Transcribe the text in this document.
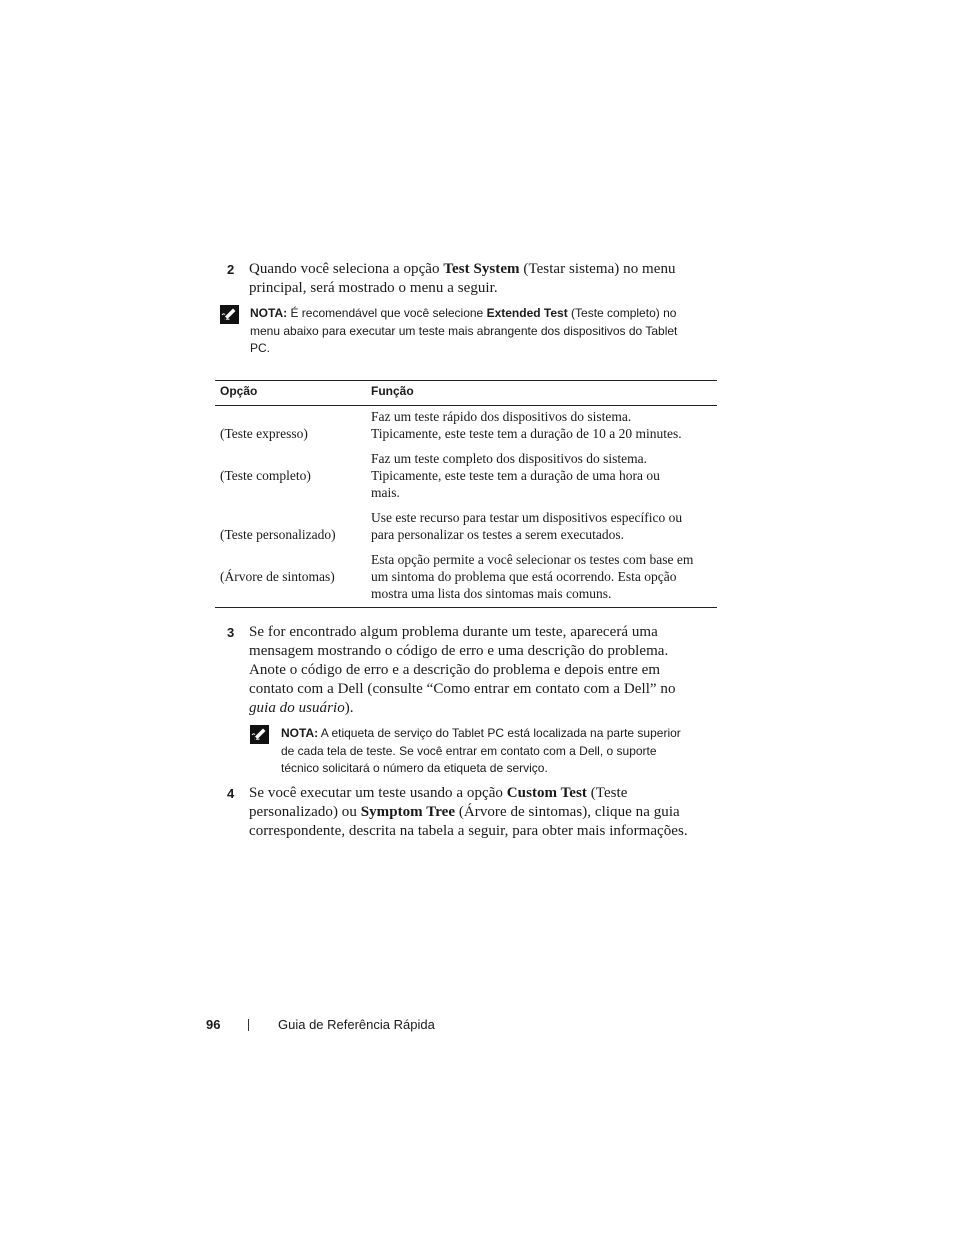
2 Quando você seleciona a opção Test System (Testar sistema) no menu
principal, será mostrado o menu a seguir.
NOTA: É recomendável que você selecione Extended Test (Teste completo) no
menu abaixo para executar um teste mais abrangente dos dispositivos do Tablet
PC.
Opção	Função
(Teste expresso)
Faz um teste rápido dos dispositivos do sistema.
Tipicamente, este teste tem a duração de 10 a 20 minutes.
(Teste completo)
Faz um teste completo dos dispositivos do sistema.
Tipicamente, este teste tem a duração de uma hora ou
mais.
(Teste personalizado)
Use este recurso para testar um dispositivos específico ou
para personalizar os testes a serem executados.
(Árvore de sintomas)
Esta opção permite a você selecionar os testes com base em
um sintoma do problema que está ocorrendo. Esta opção
mostra uma lista dos sintomas mais comuns.
3 Se for encontrado algum problema durante um teste, aparecerá uma
mensagem mostrando o código de erro e uma descrição do problema.
Anote o código de erro e a descrição do problema e depois entre em
contato com a Dell (consulte “Como entrar em contato com a Dell” no
guia do usuário).
NOTA: A etiqueta de serviço do Tablet PC está localizada na parte superior
de cada tela de teste. Se você entrar em contato com a Dell, o suporte
técnico solicitará o número da etiqueta de serviço.
4 Se você executar um teste usando a opção Custom Test (Teste
personalizado) ou Symptom Tree (Árvore de sintomas), clique na guia
correspondente, descrita na tabela a seguir, para obter mais informações.
96	Guia de Referência Rápida
